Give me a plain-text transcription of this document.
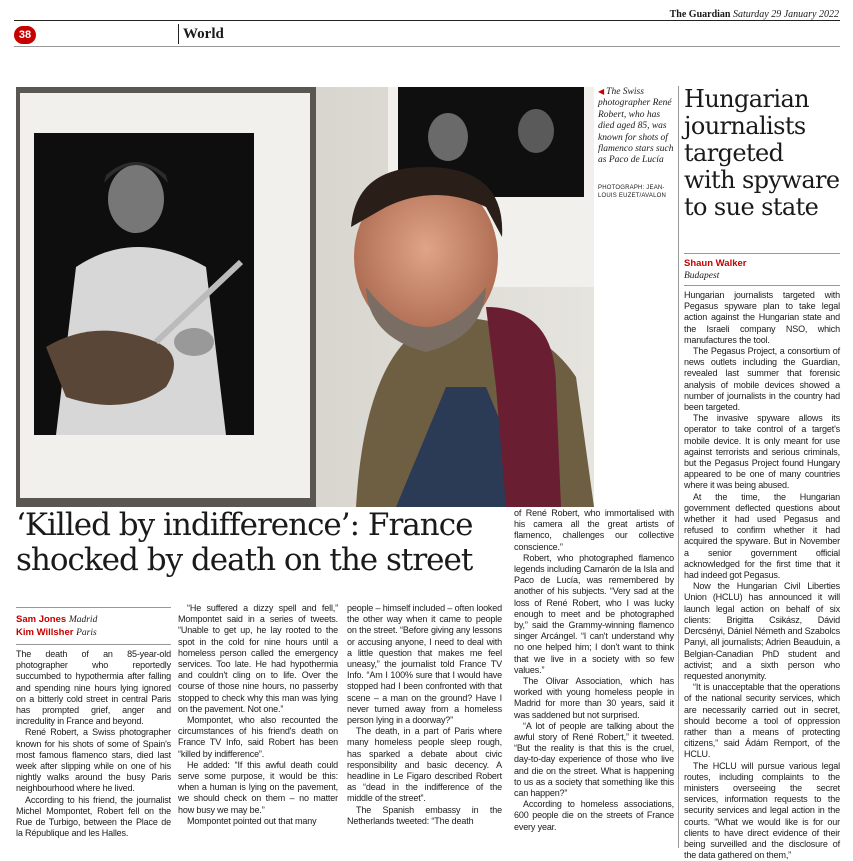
38	World
The Guardian Saturday 29 January 2022
◀ The Swiss photographer René Robert, who has died aged 85, was known for shots of flamenco stars such as Paco de Lucía
PHOTOGRAPH: JEAN-LOUIS EUZET/AVALON
Hungarian journalists targeted with spyware to sue state
Shaun Walker
Budapest

Hungarian journalists targeted with Pegasus spyware plan to take legal action against the Hungarian state and the Israeli company NSO, which manufactures the tool.

The Pegasus Project, a consortium of news outlets including the Guardian, revealed last summer that forensic analysis of mobile devices showed a number of journalists in the country had been targeted.

The invasive spyware allows its operator to take control of a target's mobile device. It is only meant for use against terrorists and serious criminals, but the Pegasus Project found Hungary appeared to be one of many countries where it was being abused.

At the time, the Hungarian government deflected questions about whether it had used Pegasus and refused to confirm whether it had acquired the spyware. But in November a senior government official acknowledged for the first time that it had indeed got Pegasus.

Now the Hungarian Civil Liberties Union (HCLU) has announced it will launch legal action on behalf of six clients: Brigitta Csikász, Dávid Dercsényi, Dániel Németh and Szabolcs Panyi, all journalists; Adrien Beauduin, a Belgian-Canadian PhD student and activist; and a sixth person who requested anonymity.

“It is unacceptable that the operations of the national security services, which are necessarily carried out in secret, should become a tool of oppression rather than a means of protecting citizens,” said Ádám Remport, of the HCLU.

The HCLU will pursue various legal routes, including complaints to the ministers overseeing the secret services, information requests to the security services and legal action in the courts. “What we would like is for our clients to have direct evidence of their being surveilled and the disclosure of the data gathered on them,”

‘Killed by indifference’: France shocked by death on the street
Sam Jones Madrid
Kim Willsher Paris

The death of an 85-year-old photographer who reportedly succumbed to hypothermia after falling and spending nine hours lying ignored on a bitterly cold street in central Paris has prompted grief, anger and incredulity in France and beyond.

René Robert, a Swiss photographer known for his shots of some of Spain's most famous flamenco stars, died last week after slipping while on one of his nightly walks around the busy Paris neighbourhood where he lived.

According to his friend, the journalist Michel Mompontet, Robert fell on the Rue de Turbigo, between the Place de la République and les Halles.

“He suffered a dizzy spell and fell,” Mompontet said in a series of tweets. “Unable to get up, he lay rooted to the spot in the cold for nine hours until a homeless person called the emergency services. Too late. He had hypothermia and couldn't cling on to life. Over the course of those nine hours, no passerby stopped to check why this man was lying on the pavement. Not one.”

Mompontet, who also recounted the circumstances of his friend's death on France TV Info, said Robert has been “killed by indifference”.

He added: “If this awful death could serve some purpose, it would be this: when a human is lying on the pavement, we should check on them – no matter how busy we may be.”

Mompontet pointed out that many

people – himself included – often looked the other way when it came to people on the street. “Before giving any lessons or accusing anyone, I need to deal with a little question that makes me feel uneasy,” the journalist told France TV Info. “Am I 100% sure that I would have stopped had I been confronted with that scene – a man on the ground? Have I never turned away from a homeless person lying in a doorway?”

The death, in a part of Paris where many homeless people sleep rough, has sparked a debate about civic responsibility and basic decency. A headline in Le Figaro described Robert as “dead in the indifference of the middle of the street”.

The Spanish embassy in the Netherlands tweeted: “The death

of René Robert, who immortalised with his camera all the great artists of flamenco, challenges our collective conscience.”

Robert, who photographed flamenco legends including Camarón de la Isla and Paco de Lucía, was remembered by another of his subjects. “Very sad at the loss of René Robert, who I was lucky enough to meet and be photographed by,” said the Grammy-winning flamenco singer Arcángel. “I can't understand why no one helped him; I don't want to think that we live in a society with so few values.”

The Olivar Association, which has worked with young homeless people in Madrid for more than 30 years, said it was saddened but not surprised.

“A lot of people are talking about the awful story of René Robert,” it tweeted. “But the reality is that this is the cruel, day-to-day experience of those who live and die on the street. What is happening to us as a society that something like this can happen?”

According to homeless associations, 600 people die on the streets of France every year.
